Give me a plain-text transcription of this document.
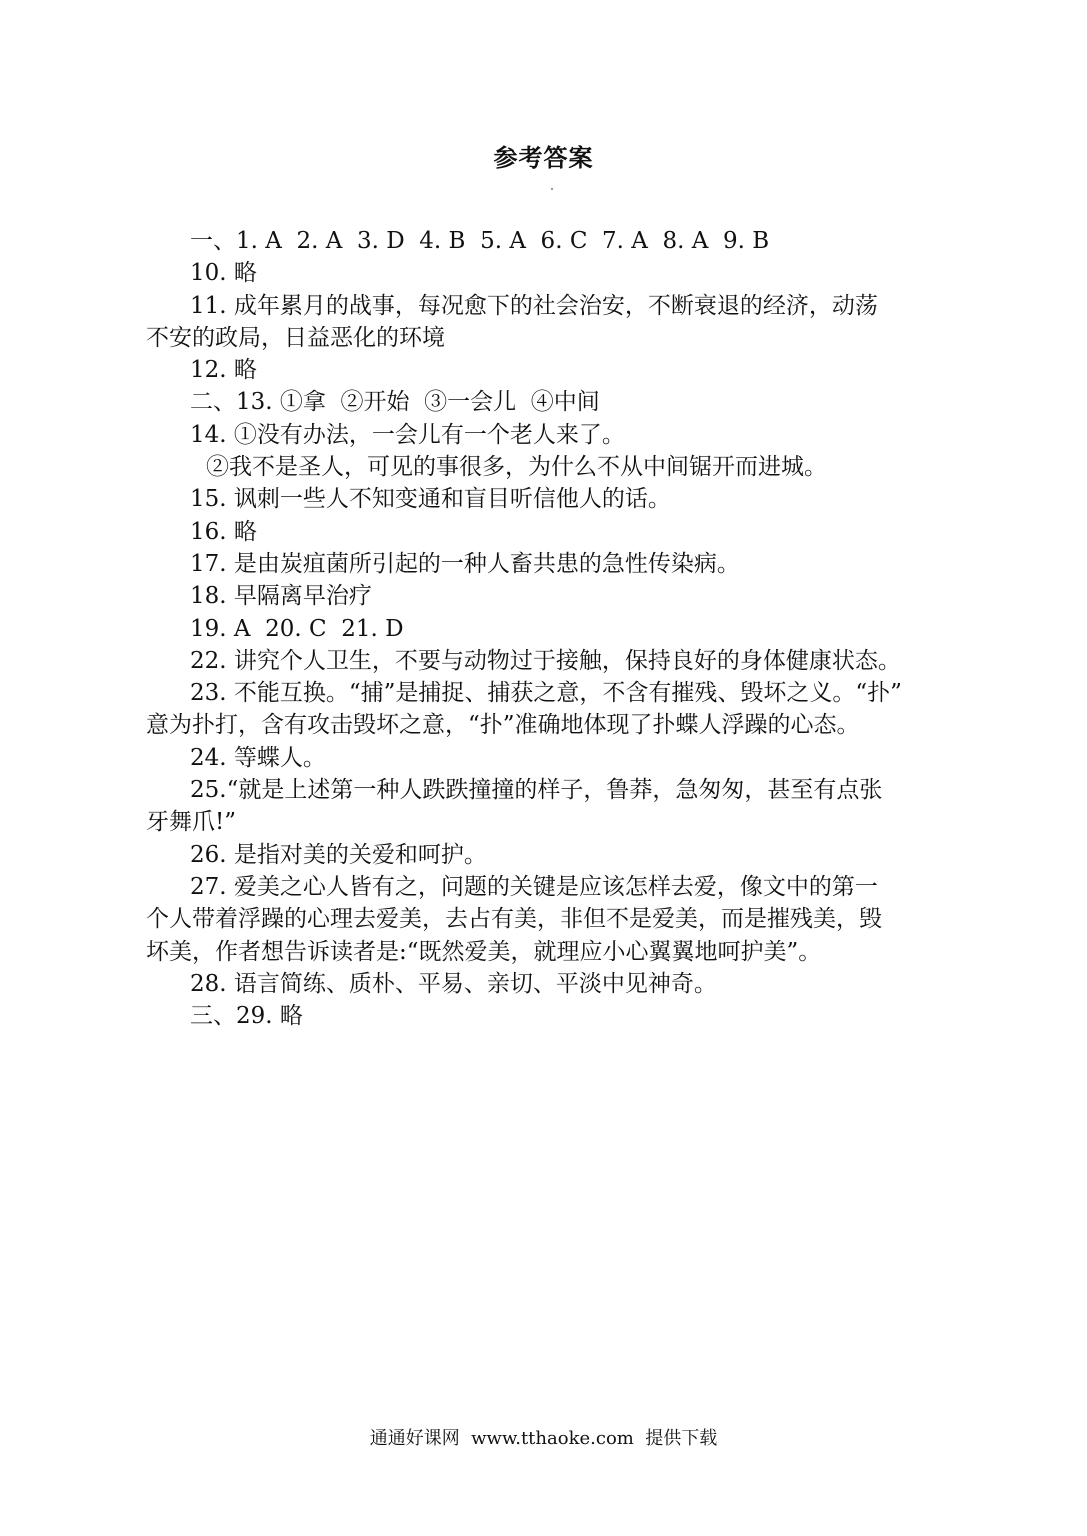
参考答案

一、1. A  2. A  3. D  4. B  5. A  6. C  7. A  8. A  9. B

10. 略

11. 成年累月的战事，每况愈下的社会治安，不断衰退的经济，动荡

不安的政局，日益恶化的环境

12. 略

二、13. ①拿  ②开始  ③一会儿  ④中间

14. ①没有办法，一会儿有一个老人来了。

②我不是圣人，可见的事很多，为什么不从中间锯开而进城。

15. 讽刺一些人不知变通和盲目听信他人的话。

16. 略

17. 是由炭疽菌所引起的一种人畜共患的急性传染病。

18. 早隔离早治疗

19. A  20. C  21. D

22. 讲究个人卫生，不要与动物过于接触，保持良好的身体健康状态。

23. 不能互换。“捕”是捕捉、捕获之意，不含有摧残、毁坏之义。“扑”

意为扑打，含有攻击毁坏之意，“扑”准确地体现了扑蝶人浮躁的心态。

24. 等蝶人。

25.“就是上述第一种人跌跌撞撞的样子，鲁莽，急匆匆，甚至有点张

牙舞爪!”

26. 是指对美的关爱和呵护。

27. 爱美之心人皆有之，问题的关键是应该怎样去爱，像文中的第一

个人带着浮躁的心理去爱美，去占有美，非但不是爱美，而是摧残美，毁

坏美，作者想告诉读者是:“既然爱美，就理应小心翼翼地呵护美”。

28. 语言简练、质朴、平易、亲切、平淡中见神奇。

三、29. 略

通通好课网  www.tthaoke.com  提供下载
